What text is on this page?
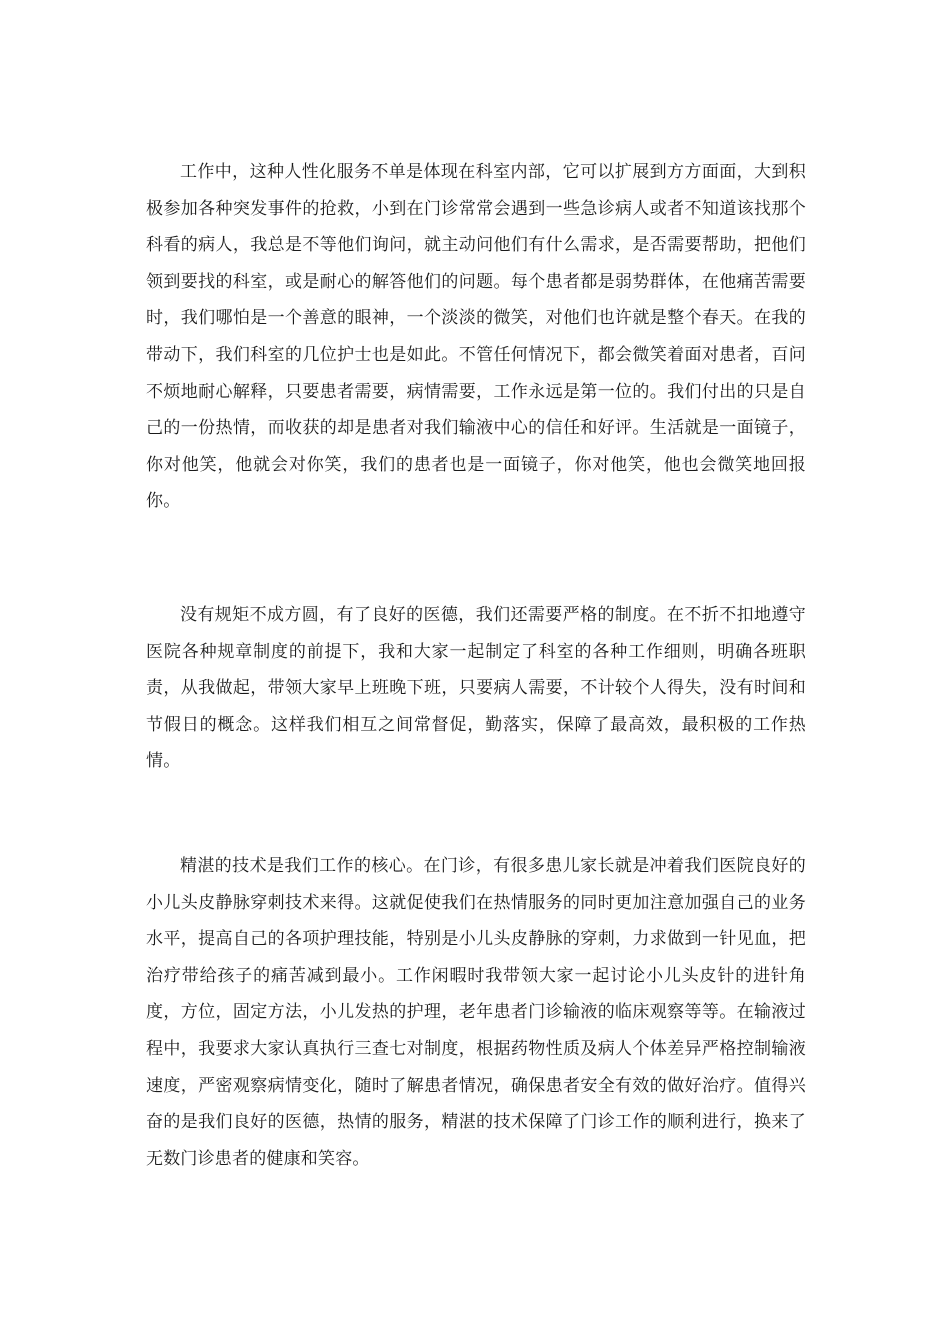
工作中，这种人性化服务不单是体现在科室内部，它可以扩展到方方面面，大到积极参加各种突发事件的抢救，小到在门诊常常会遇到一些急诊病人或者不知道该找那个科看的病人，我总是不等他们询问，就主动问他们有什么需求，是否需要帮助，把他们领到要找的科室，或是耐心的解答他们的问题。每个患者都是弱势群体，在他痛苦需要时，我们哪怕是一个善意的眼神，一个淡淡的微笑，对他们也许就是整个春天。在我的带动下，我们科室的几位护士也是如此。不管任何情况下，都会微笑着面对患者，百问不烦地耐心解释，只要患者需要，病情需要，工作永远是第一位的。我们付出的只是自己的一份热情，而收获的却是患者对我们输液中心的信任和好评。生活就是一面镜子，你对他笑，他就会对你笑，我们的患者也是一面镜子，你对他笑，他也会微笑地回报你。

没有规矩不成方圆，有了良好的医德，我们还需要严格的制度。在不折不扣地遵守医院各种规章制度的前提下，我和大家一起制定了科室的各种工作细则，明确各班职责，从我做起，带领大家早上班晚下班，只要病人需要，不计较个人得失，没有时间和节假日的概念。这样我们相互之间常督促，勤落实，保障了最高效，最积极的工作热情。

精湛的技术是我们工作的核心。在门诊，有很多患儿家长就是冲着我们医院良好的小儿头皮静脉穿刺技术来得。这就促使我们在热情服务的同时更加注意加强自己的业务水平，提高自己的各项护理技能，特别是小儿头皮静脉的穿刺，力求做到一针见血，把治疗带给孩子的痛苦减到最小。工作闲暇时我带领大家一起讨论小儿头皮针的进针角度，方位，固定方法，小儿发热的护理，老年患者门诊输液的临床观察等等。在输液过程中，我要求大家认真执行三查七对制度，根据药物性质及病人个体差异严格控制输液速度，严密观察病情变化，随时了解患者情况，确保患者安全有效的做好治疗。值得兴奋的是我们良好的医德，热情的服务，精湛的技术保障了门诊工作的顺利进行，换来了无数门诊患者的健康和笑容。
